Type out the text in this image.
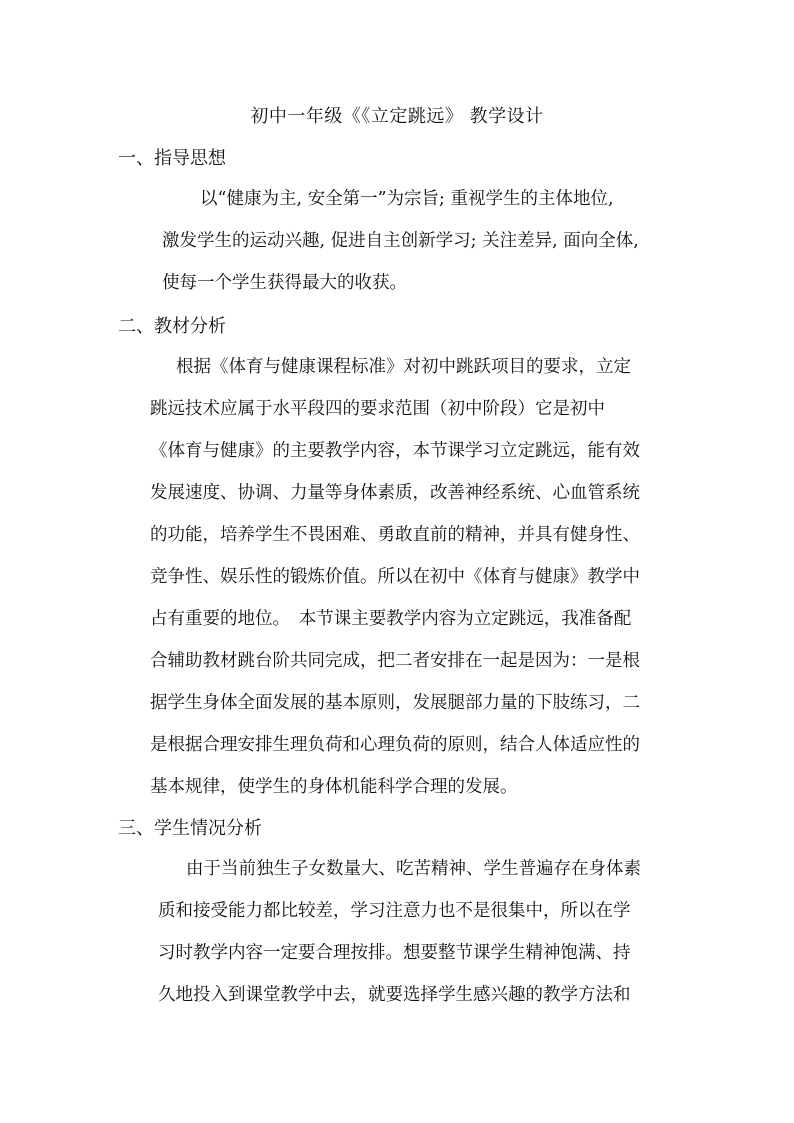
初中一年级《《立定跳远》 教学设计
一、指导思想
以“健康为主, 安全第一”为宗旨; 重视学生的主体地位,
激发学生的运动兴趣, 促进自主创新学习; 关注差异, 面向全体,
使每一个学生获得最大的收获。
二、教材分析
根据《体育与健康课程标准》对初中跳跃项目的要求，立定
跳远技术应属于水平段四的要求范围（初中阶段）它是初中
《体育与健康》的主要教学内容，本节课学习立定跳远，能有效
发展速度、协调、力量等身体素质，改善神经系统、心血管系统
的功能，培养学生不畏困难、勇敢直前的精神，并具有健身性、
竞争性、娱乐性的锻炼价值。所以在初中《体育与健康》教学中
占有重要的地位。　本节课主要教学内容为立定跳远，我准备配
合辅助教材跳台阶共同完成，把二者安排在一起是因为：一是根
据学生身体全面发展的基本原则，发展腿部力量的下肢练习，二
是根据合理安排生理负荷和心理负荷的原则，结合人体适应性的
基本规律，使学生的身体机能科学合理的发展。
三、学生情况分析
由于当前独生子女数量大、吃苦精神、学生普遍存在身体素
质和接受能力都比较差，学习注意力也不是很集中，所以在学
习时教学内容一定要合理按排。想要整节课学生精神饱满、持
久地投入到课堂教学中去，就要选择学生感兴趣的教学方法和
